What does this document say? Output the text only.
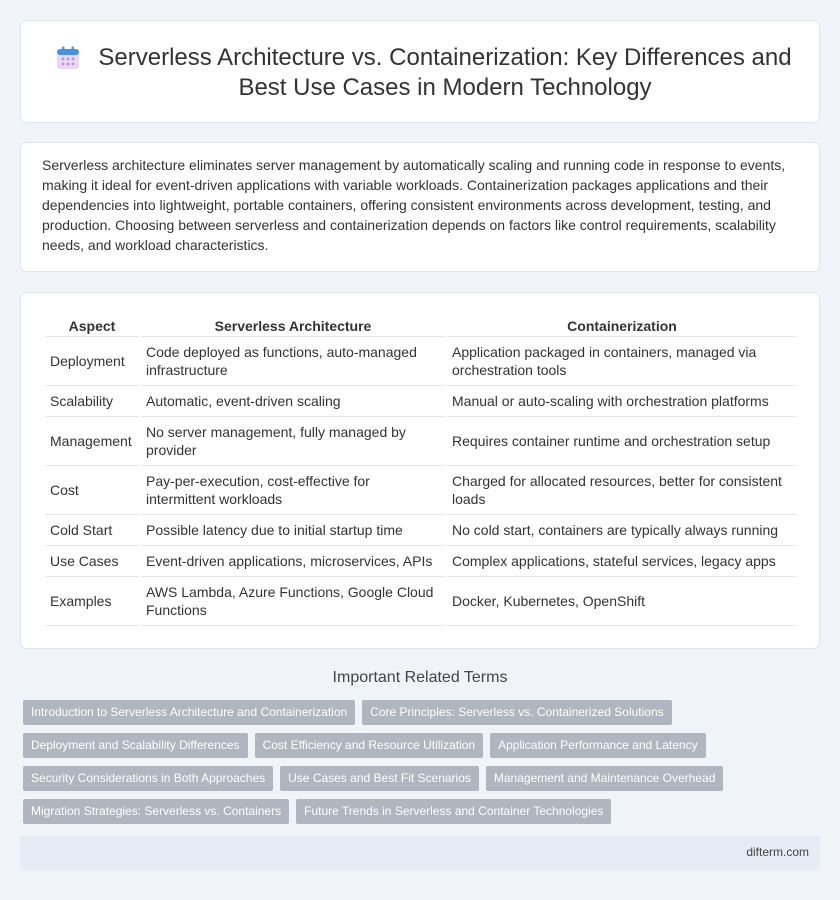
Serverless Architecture vs. Containerization: Key Differences and Best Use Cases in Modern Technology

Serverless architecture eliminates server management by automatically scaling and running code in response to events, making it ideal for event-driven applications with variable workloads. Containerization packages applications and their dependencies into lightweight, portable containers, offering consistent environments across development, testing, and production. Choosing between serverless and containerization depends on factors like control requirements, scalability needs, and workload characteristics.

Aspect	Serverless Architecture	Containerization
Deployment	Code deployed as functions, auto-managed infrastructure	Application packaged in containers, managed via orchestration tools
Scalability	Automatic, event-driven scaling	Manual or auto-scaling with orchestration platforms
Management	No server management, fully managed by provider	Requires container runtime and orchestration setup
Cost	Pay-per-execution, cost-effective for intermittent workloads	Charged for allocated resources, better for consistent loads
Cold Start	Possible latency due to initial startup time	No cold start, containers are typically always running
Use Cases	Event-driven applications, microservices, APIs	Complex applications, stateful services, legacy apps
Examples	AWS Lambda, Azure Functions, Google Cloud Functions	Docker, Kubernetes, OpenShift
Important Related Terms
Introduction to Serverless Architecture and Containerization	Core Principles: Serverless vs. Containerized Solutions
Deployment and Scalability Differences	Cost Efficiency and Resource Utilization	Application Performance and Latency
Security Considerations in Both Approaches	Use Cases and Best Fit Scenarios	Management and Maintenance Overhead
Migration Strategies: Serverless vs. Containers	Future Trends in Serverless and Container Technologies
difterm.com
